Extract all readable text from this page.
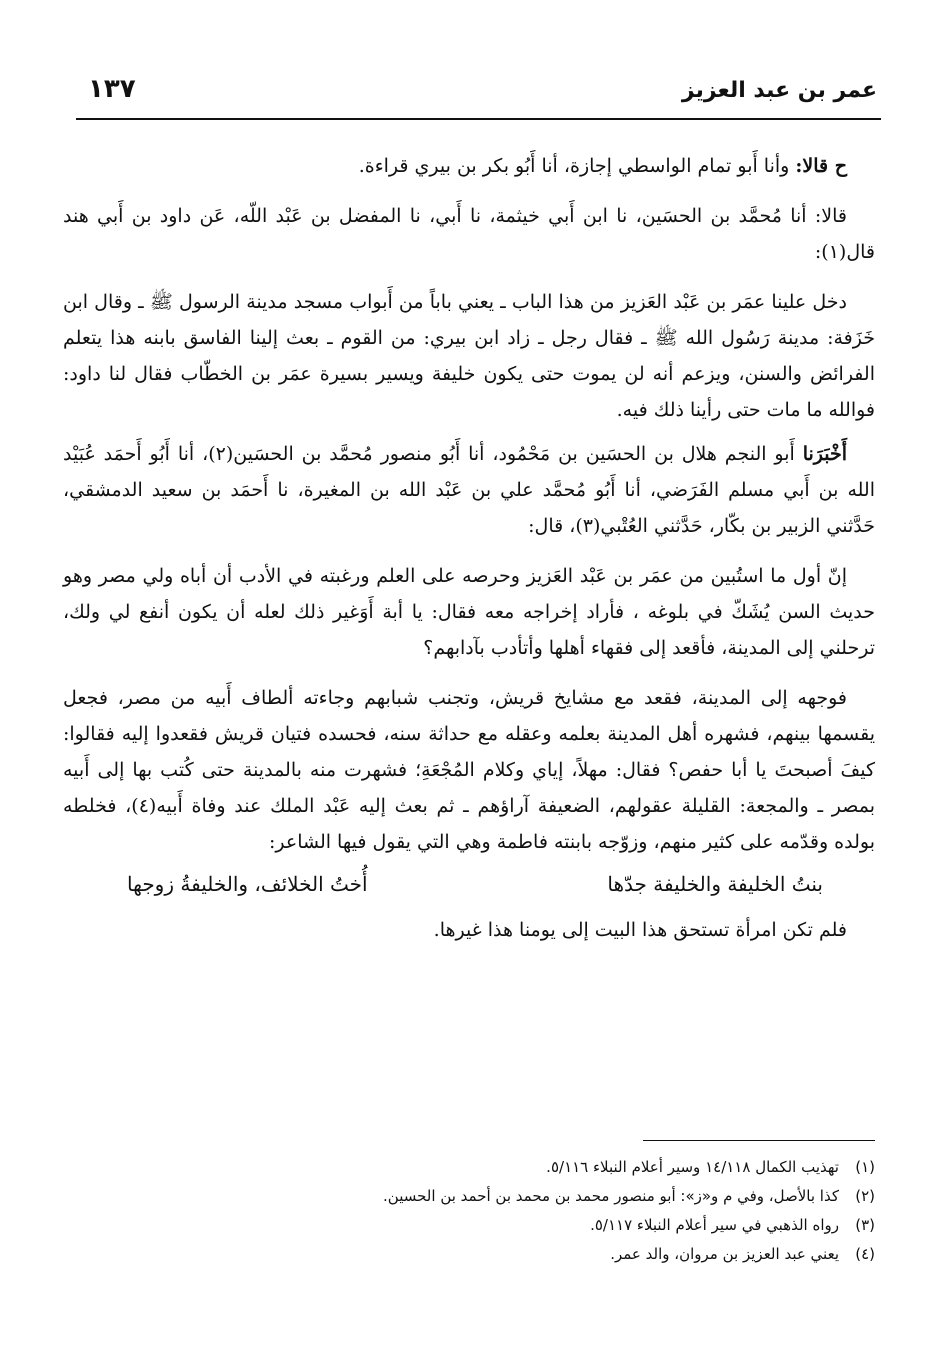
عمر بن عبد العزيز
١٣٧

ح قالا: وأنا أَبو تمام الواسطي إجازة، أنا أَبُو بكر بن بيري قراءة.

قالا: أنا مُحمَّد بن الحسَين، نا ابن أَبي خيثمة، نا أَبي، نا المفضل بن عَبْد اللّه، عَن داود بن أَبي هند قال(١):

دخل علينا عمَر بن عَبْد العَزيز من هذا الباب ـ يعني باباً من أَبواب مسجد مدينة الرسول ﷺ ـ وقال ابن خَزَفة: مدينة رَسُول الله ﷺ ـ فقال رجل ـ زاد ابن بيري: من القوم ـ بعث إلينا الفاسق بابنه هذا يتعلم الفرائض والسنن، ويزعم أنه لن يموت حتى يكون خليفة ويسير بسيرة عمَر بن الخطّاب فقال لنا داود: فوالله ما مات حتى رأينا ذلك فيه.

أَخْبَرَنا أَبو النجم هلال بن الحسَين بن مَحْمُود، أنا أَبُو منصور مُحمَّد بن الحسَين(٢)، أنا أَبُو أَحمَد عُبَيْد الله بن أَبي مسلم الفَرَضي، أنا أَبُو مُحمَّد علي بن عَبْد الله بن المغيرة، نا أَحمَد بن سعيد الدمشقي، حَدَّثني الزبير بن بكّار، حَدَّثني العُتْبي(٣)، قال:

إنّ أول ما استُبين من عمَر بن عَبْد العَزيز وحرصه على العلم ورغبته في الأدب أن أباه ولي مصر وهو حديث السن يُشَكّ في بلوغه ، فأراد إخراجه معه فقال: يا أبة أَوَغير ذلك لعله أن يكون أنفع لي ولك، ترحلني إلى المدينة، فأقعد إلى فقهاء أهلها وأتأدب بآدابهم؟

فوجهه إلى المدينة، فقعد مع مشايخ قريش، وتجنب شبابهم وجاءته ألطاف أَبيه من مصر، فجعل يقسمها بينهم، فشهره أهل المدينة بعلمه وعقله مع حداثة سنه، فحسده فتيان قريش فقعدوا إليه فقالوا: كيفَ أصبحتَ يا أبا حفص؟ فقال: مهلاً، إياي وكلام المُجْعَةِ؛ فشهرت منه بالمدينة حتى كُتب بها إلى أَبيه بمصر ـ والمجعة: القليلة عقولهم، الضعيفة آراؤهم ـ ثم بعث إليه عَبْد الملك عند وفاة أَبيه(٤)، فخلطه بولده وقدّمه على كثير منهم، وزوّجه بابنته فاطمة وهي التي يقول فيها الشاعر:

بنتُ الخليفة والخليفة جدّها
أُختُ الخلائف، والخليفةُ زوجها

فلم تكن امرأة تستحق هذا البيت إلى يومنا هذا غيرها.

(١)تهذيب الكمال ١٤/١١٨ وسير أعلام النبلاء ٥/١١٦.
(٢)كذا بالأصل، وفي م و«ز»: أبو منصور محمد بن محمد بن أحمد بن الحسين.
(٣)رواه الذهبي في سير أعلام النبلاء ٥/١١٧.
(٤)يعني عبد العزيز بن مروان، والد عمر.
